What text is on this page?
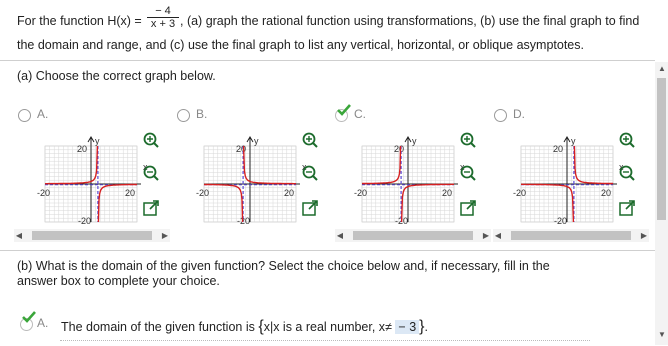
For the function $H(x) = \frac{- 4}{x + 3}$ , (a) graph the rational function using transformations, (b) use the final graph to find
the domain and range, and (c) use the final graph to list any vertical, horizontal, or oblique asymptotes.
(a) Choose the correct graph below.
◀	▶	◀	▶ ◀	▶
(b) What is the domain of the given function? Select the choice below and, if necessary, fill in the
answer box to complete your choice.
A. The domain of the given function is {x|x is a real number, x≠ − 3 }.
▲
▼
A.
-20	20
20
-20
y
x
B.
-20	20
20
-20
y
x
C.
-20	20
20
-20
y
x
D.
-20	20
20
-20
y
x
